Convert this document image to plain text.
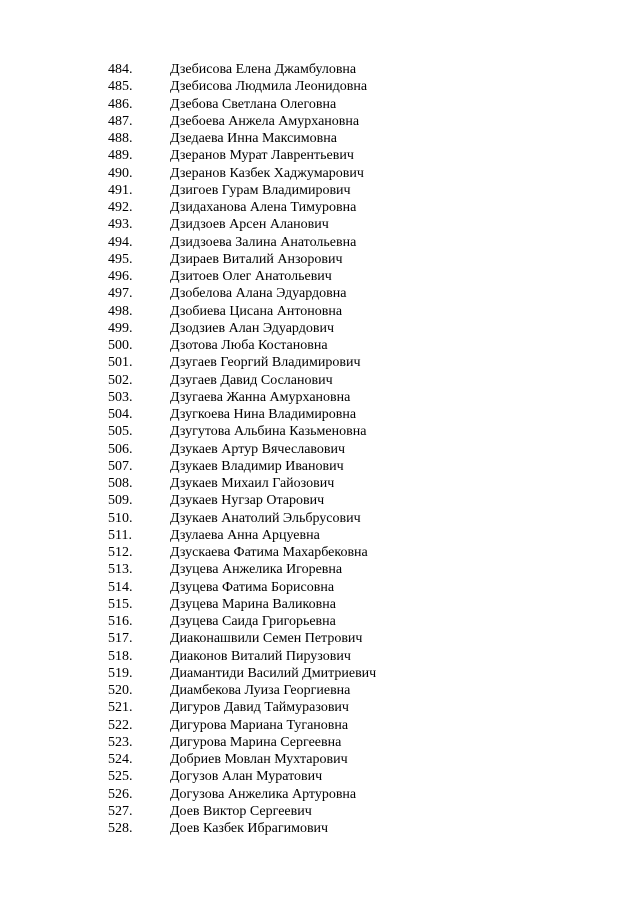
484.	Дзебисова Елена Джамбуловна
485.	Дзебисова Людмила Леонидовна
486.	Дзебова Светлана Олеговна
487.	Дзебоева Анжела Амурхановна
488.	Дзедаева Инна Максимовна
489.	Дзеранов Мурат Лаврентьевич
490.	Дзеранов Казбек Хаджумарович
491.	Дзигоев Гурам Владимирович
492.	Дзидаханова Алена Тимуровна
493.	Дзидзоев Арсен Аланович
494.	Дзидзоева Залина Анатольевна
495.	Дзираев Виталий Анзорович
496.	Дзитоев Олег Анатольевич
497.	Дзобелова Алана Эдуардовна
498.	Дзобиева Цисана Антоновна
499.	Дзодзиев Алан Эдуардович
500.	Дзотова Люба Костановна
501.	Дзугаев Георгий Владимирович
502.	Дзугаев Давид Сосланович
503.	Дзугаева Жанна Амурхановна
504.	Дзугкоева Нина Владимировна
505.	Дзугутова Альбина Казьменовна
506.	Дзукаев Артур Вячеславович
507.	Дзукаев Владимир Иванович
508.	Дзукаев Михаил Гайозович
509.	Дзукаев Нугзар Отарович
510.	Дзукаев Анатолий Эльбрусович
511.	Дзулаева Анна Арцуевна
512.	Дзускаева Фатима Махарбековна
513.	Дзуцева Анжелика Игоревна
514.	Дзуцева Фатима Борисовна
515.	Дзуцева Марина Валиковна
516.	Дзуцева Саида Григорьевна
517.	Диаконашвили Семен Петрович
518.	Диаконов Виталий Пирузович
519.	Диамантиди Василий Дмитриевич
520.	Диамбекова Луиза Георгиевна
521.	Дигуров Давид Таймуразович
522.	Дигурова Мариана Тугановна
523.	Дигурова Марина Сергеевна
524.	Добриев Мовлан Мухтарович
525.	Догузов Алан Муратович
526.	Догузова Анжелика Артуровна
527.	Доев Виктор Сергеевич
528.	Доев Казбек Ибрагимович
